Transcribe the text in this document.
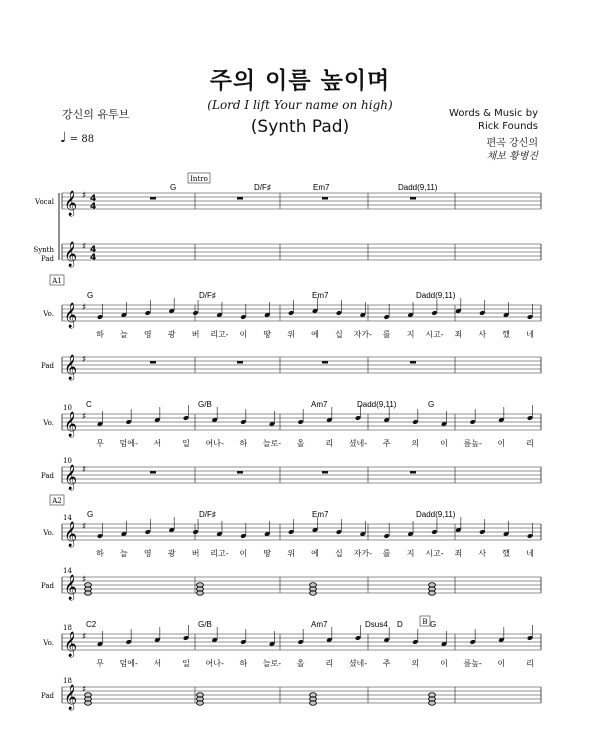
주의 이름 높이며
(Lord I lift Your name on high)
(Synth Pad)
강신의 유투브
♩ = 88
Words & Music by
Rick Founds
편곡 강신의
채보 황병진
𝄞 ♯
𝄞 ♯
4
4
4
4
Vocal
Synth
Pad
Intro
G	D/F♯	Em7	Dadd(9,11)
𝄞 ♯
𝄞 ♯
Vo.
Pad
A1
G	D/F♯	Em7	Dadd(9,11)
하 늘 영 광 버 리고- 이 땅 위 에 십 자가- 를 지 시고- 죄 사 했 네
𝄞 ♯
𝄞 ♯
Vo.
Pad
10
10
C	G/B	Am7	Dadd(9,11)	G
무 덤에- 서	일 어나- 하 늘로- 올	리 셨네- 주	의	이 름높- 이	리
𝄞 ♯
𝄞 ♯
Vo.
Pad
A2
14
14
G	D/F♯	Em7	Dadd(9,11)
하 늘 영 광 버 리고- 이 땅 위 에 십 자가- 를 지 시고- 죄 사 했 네
𝄞 ♯
𝄞 ♯
Vo.
Pad
18
18
B
C2	G/B	Am7	Dsus4 D	G
무 덤에- 서	일 어나- 하 늘로- 올	리 셨네- 주	의	이 름높- 이	리
